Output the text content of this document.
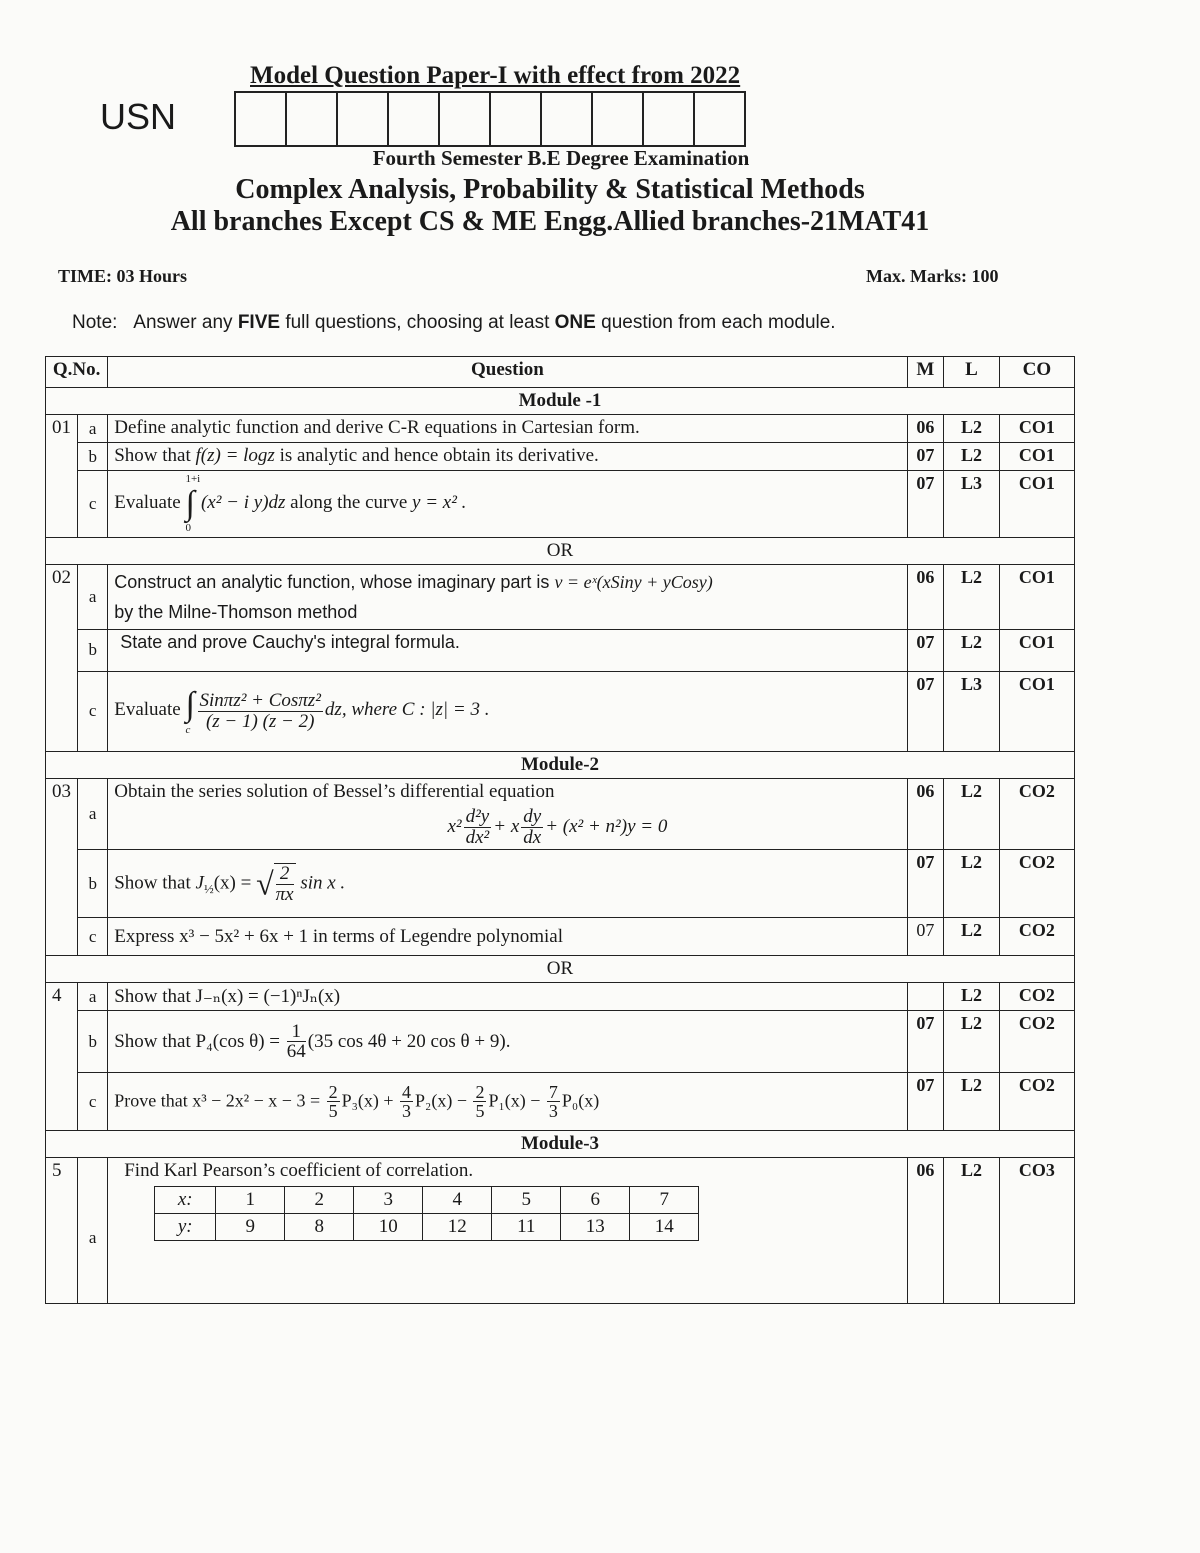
Model Question Paper-I with effect from 2022
USN
Fourth Semester B.E Degree Examination
Complex Analysis, Probability & Statistical Methods
All branches Except CS & ME Engg.Allied branches-21MAT41
TIME: 03 Hours	Max. Marks: 100
Note: Answer any FIVE full questions, choosing at least ONE question from each module.
Q.No.	Question	M	L	CO
Module -1
01	a	Define analytic function and derive C-R equations in Cartesian form.	06	L2	CO1
b	Show that f(z) = logz is analytic and hence obtain its derivative.	07	L2	CO1
c	Evaluate 1+i
∫
0 (x² − i y)dz along the curve y = x² .	07	L3	CO1
OR
02	a	Construct an analytic function, whose imaginary part is v = eˣ(xSiny + yCosy)
by the Milne-Thomson method	06	L2	CO1
b	State and prove Cauchy's integral formula.	07	L2	CO1
c	Evaluate ∫
c $\frac{\text{Sinπz² + Cosπz²}}{(z - 1) (z - 2)}$ dz, where C : |z| = 3 .	07	L3	CO1
Module-2
03	a	
Obtain the series solution of Bessel’s differential equation
$x^2 \frac{\text{d²y}}{\text{dx²}} + x \frac{dy}{dx} + (x^2 + n^2)y = 0$
	06	L2	CO2
b	Show that $J_{\frac{1}{2}}(x)$ = √ $\frac{2}{\pi x}$ sin x .	07	L2	CO2
c	Express x³ − 5x² + 6x + 1 in terms of Legendre polynomial	07	L2	CO2
OR
4	a	Show that J₋ₙ(x) = (−1)ⁿJₙ(x)		L2	CO2
b	Show that P₄(cos $\theta) = \frac{1}{64} (35$ cos 4θ + 20 cos θ + 9).	07	L2	CO2
c	Prove that $x^3 - 2x^2 - x - 3 = \frac{2}{5} P_3(x) + \frac{4}{3} P_2(x) - \frac{2}{5} P_1(x) - \frac{7}{3} P_0(x)$	07	L2	CO2
Module-3
5	a	
Find Karl Pearson’s coefficient of correlation.
x:	1	2	3	4	5	6	7
y:	9	8	10	12	11	13	14
	06	L2	CO3
